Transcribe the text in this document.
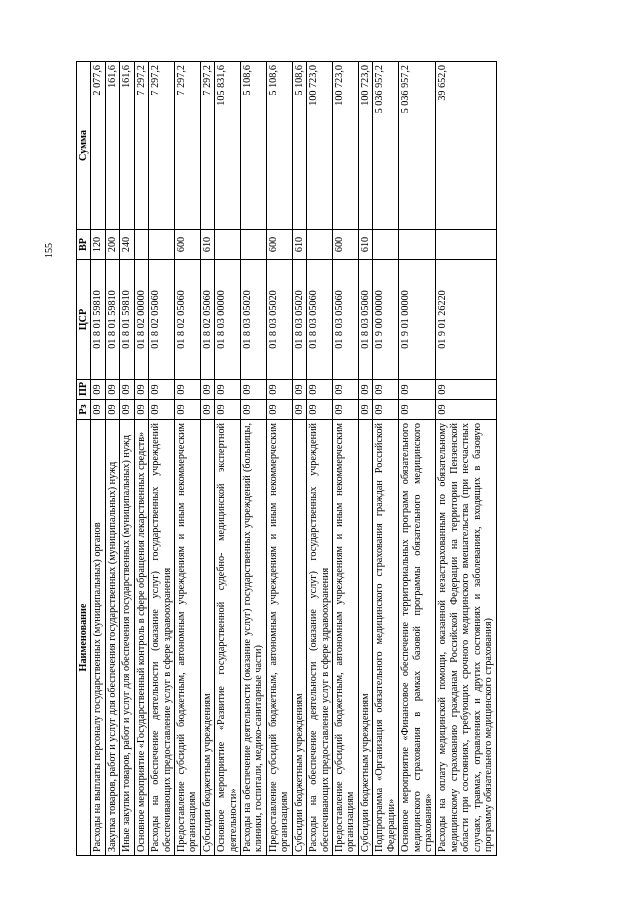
155
Наименование	Рз	ПР	ЦСР	ВР	Сумма
Расходы на выплаты персоналу государственных (муниципальных) органов	09	09	01 8 01 59810	120	2 077,6
Закупка товаров, работ и услуг для обеспечения государственных (муниципальных) нужд	09	09	01 8 01 59810	200	161,6
Иные закупки товаров, работ и услуг для обеспечения государственных (муниципальных) нужд	09	09	01 8 01 59810	240	161,6
Основное мероприятие «Государственный контроль в сфере обращения лекарственных средств»	09	09	01 8 02 00000		7 297,2
Расходы на обеспечение деятельности (оказание услуг) государственных учреждений обеспечивающих предоставление услуг в сфере здравоохранения	09	09	01 8 02 05060		7 297,2
Предоставление субсидий бюджетным, автономным учреждениям и иным некоммерческим организациям	09	09	01 8 02 05060	600	7 297,2
Субсидии бюджетным учреждениям	09	09	01 8 02 05060	610	7 297,2
Основное мероприятие «Развитие государственной судебно- медицинской экспертной деятельности»	09	09	01 8 03 00000		105 831,6
Расходы на обеспечение деятельности (оказание услуг) государственных учреждений (больницы, клиники, госпитали, медико-санитарные части)	09	09	01 8 03 05020		5 108,6
Предоставление субсидий бюджетным, автономным учреждениям и иным некоммерческим организациям	09	09	01 8 03 05020	600	5 108,6
Субсидии бюджетным учреждениям	09	09	01 8 03 05020	610	5 108,6
Расходы на обеспечение деятельности (оказание услуг) государственных учреждений обеспечивающих предоставление услуг в сфере здравоохранения	09	09	01 8 03 05060		100 723,0
Предоставление субсидий бюджетным, автономным учреждениям и иным некоммерческим организациям	09	09	01 8 03 05060	600	100 723,0
Субсидии бюджетным учреждениям	09	09	01 8 03 05060	610	100 723,0
Подпрограмма «Организация обязательного медицинского страхования граждан Российской Федерации»	09	09	01 9 00 00000		5 036 957,2
Основное мероприятие «Финансовое обеспечение территориальных программ обязательного медицинского страхования в рамках базовой программы обязательного медицинского страхования»	09	09	01 9 01 00000		5 036 957,2
Расходы на оплату медицинской помощи, оказанной незастрахованным по обязательному медицинскому страхованию гражданам Российской Федерации на территории Пензенской области при состояниях, требующих срочного медицинского вмешательства (при несчастных случаях, травмах, отравлениях и других состояниях и заболеваниях, входящих в базовую программу обязательного медицинского страхования)	09	09	01 9 01 26220		39 652,0
